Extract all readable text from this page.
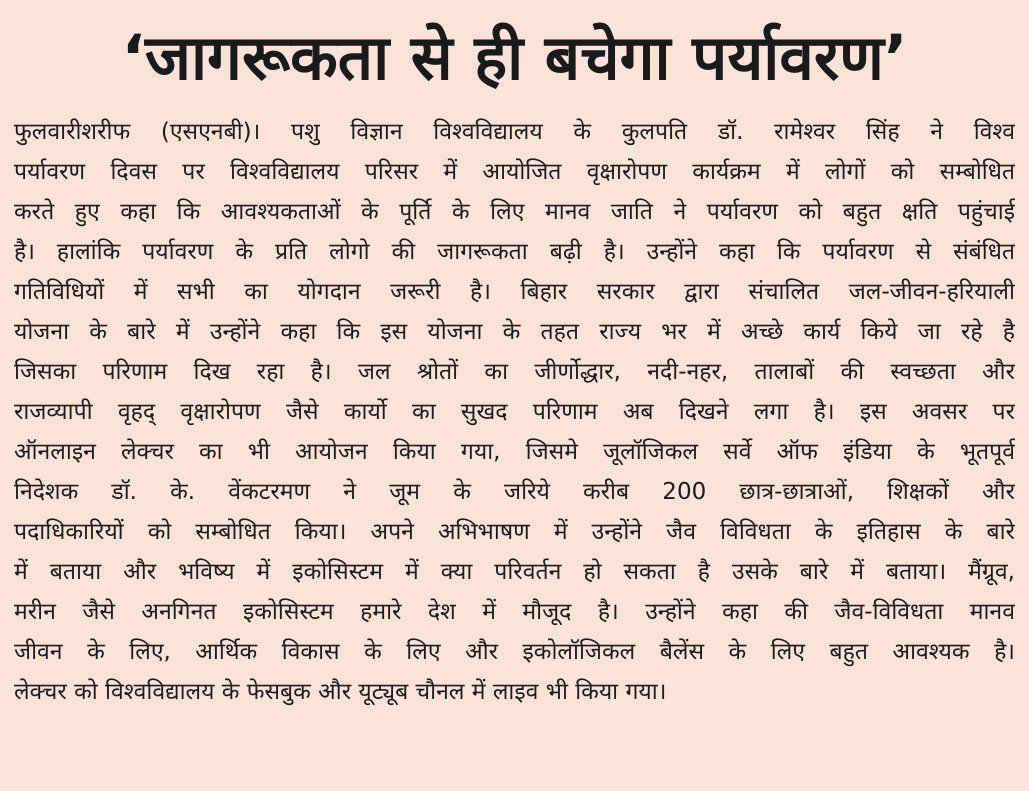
‘जागरूकता से ही बचेगा पर्यावरण’
फुलवारीशरीफ (एसएनबी)। पशु विज्ञान विश्वविद्यालय के कुलपति डॉ. रामेश्वर सिंह ने विश्व
पर्यावरण दिवस पर विश्वविद्यालय परिसर में आयोजित वृक्षारोपण कार्यक्रम में लोगों को सम्बोधित
करते हुए कहा कि आवश्यकताओं के पूर्ति के लिए मानव जाति ने पर्यावरण को बहुत क्षति पहुंचाई
है। हालांकि पर्यावरण के प्रति लोगो की जागरूकता बढ़ी है। उन्होंने कहा कि पर्यावरण से संबंधित
गतिविधियों में सभी का योगदान जरूरी है। बिहार सरकार द्वारा संचालित जल-जीवन-हरियाली
योजना के बारे में उन्होंने कहा कि इस योजना के तहत राज्य भर में अच्छे कार्य किये जा रहे है
जिसका परिणाम दिख रहा है। जल श्रोतों का जीर्णोद्धार, नदी-नहर, तालाबों की स्वच्छता और
राजव्यापी वृहद् वृक्षारोपण जैसे कार्यो का सुखद परिणाम अब दिखने लगा है। इस अवसर पर
ऑनलाइन लेक्चर का भी आयोजन किया गया, जिसमे जूलॉजिकल सर्वे ऑफ इंडिया के भूतपूर्व
निदेशक डॉ. के. वेंकटरमण ने जूम के जरिये करीब 200 छात्र-छात्राओं, शिक्षकों और
पदाधिकारियों को सम्बोधित किया। अपने अभिभाषण में उन्होंने जैव विविधता के इतिहास के बारे
में बताया और भविष्य में इकोसिस्टम में क्या परिवर्तन हो सकता है उसके बारे में बताया। मैंग्रूव,
मरीन जैसे अनगिनत इकोसिस्टम हमारे देश में मौजूद है। उन्होंने कहा की जैव-विविधता मानव
जीवन के लिए, आर्थिक विकास के लिए और इकोलॉजिकल बैलेंस के लिए बहुत आवश्यक है।
लेक्चर को विश्वविद्यालय के फेसबुक और यूट्यूब चौनल में लाइव भी किया गया।
